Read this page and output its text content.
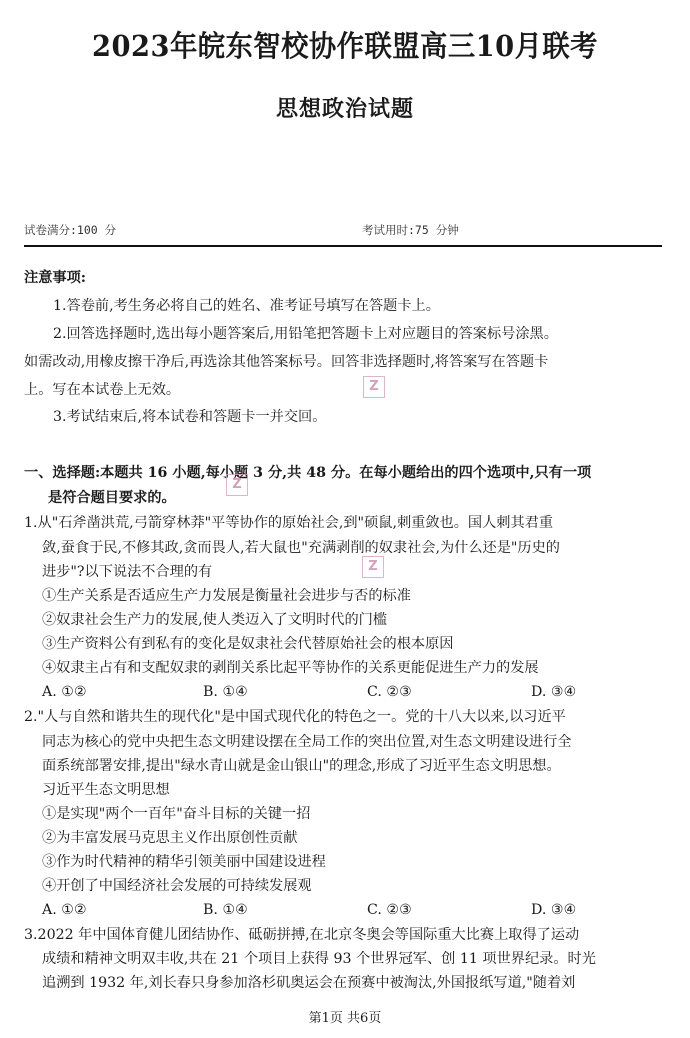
2023年皖东智校协作联盟高三10月联考
思想政治试题
试卷满分:100 分	考试用时:75 分钟
注意事项:
1.答卷前,考生务必将自己的姓名、准考证号填写在答题卡上。
2.回答选择题时,选出每小题答案后,用铅笔把答题卡上对应题目的答案标号涂黑。
如需改动,用橡皮擦干净后,再选涂其他答案标号。回答非选择题时,将答案写在答题卡
上。写在本试卷上无效。
3.考试结束后,将本试卷和答题卡一并交回。
一、选择题:本题共 16 小题,每小题 3 分,共 48 分。在每小题给出的四个选项中,只有一项
是符合题目要求的。
1.从"石斧凿洪荒,弓箭穿林莽"平等协作的原始社会,到"硕鼠,刺重敛也。国人刺其君重
敛,蚕食于民,不修其政,贪而畏人,若大鼠也"充满剥削的奴隶社会,为什么还是"历史的
进步"?以下说法不合理的有
①生产关系是否适应生产力发展是衡量社会进步与否的标准
②奴隶社会生产力的发展,使人类迈入了文明时代的门槛
③生产资料公有到私有的变化是奴隶社会代替原始社会的根本原因
④奴隶主占有和支配奴隶的剥削关系比起平等协作的关系更能促进生产力的发展
A. ①②	B. ①④	C. ②③	D. ③④
2."人与自然和谐共生的现代化"是中国式现代化的特色之一。党的十八大以来,以习近平
同志为核心的党中央把生态文明建设摆在全局工作的突出位置,对生态文明建设进行全
面系统部署安排,提出"绿水青山就是金山银山"的理念,形成了习近平生态文明思想。
习近平生态文明思想
①是实现"两个一百年"奋斗目标的关键一招
②为丰富发展马克思主义作出原创性贡献
③作为时代精神的精华引领美丽中国建设进程
④开创了中国经济社会发展的可持续发展观
A. ①②	B. ①④	C. ②③	D. ③④
3.2022 年中国体育健儿团结协作、砥砺拼搏,在北京冬奥会等国际重大比赛上取得了运动
成绩和精神文明双丰收,共在 21 个项目上获得 93 个世界冠军、创 11 项世界纪录。时光
追溯到 1932 年,刘长春只身参加洛杉矶奥运会在预赛中被淘汰,外国报纸写道,"随着刘
Z
Z
Z
第1页 共6页
